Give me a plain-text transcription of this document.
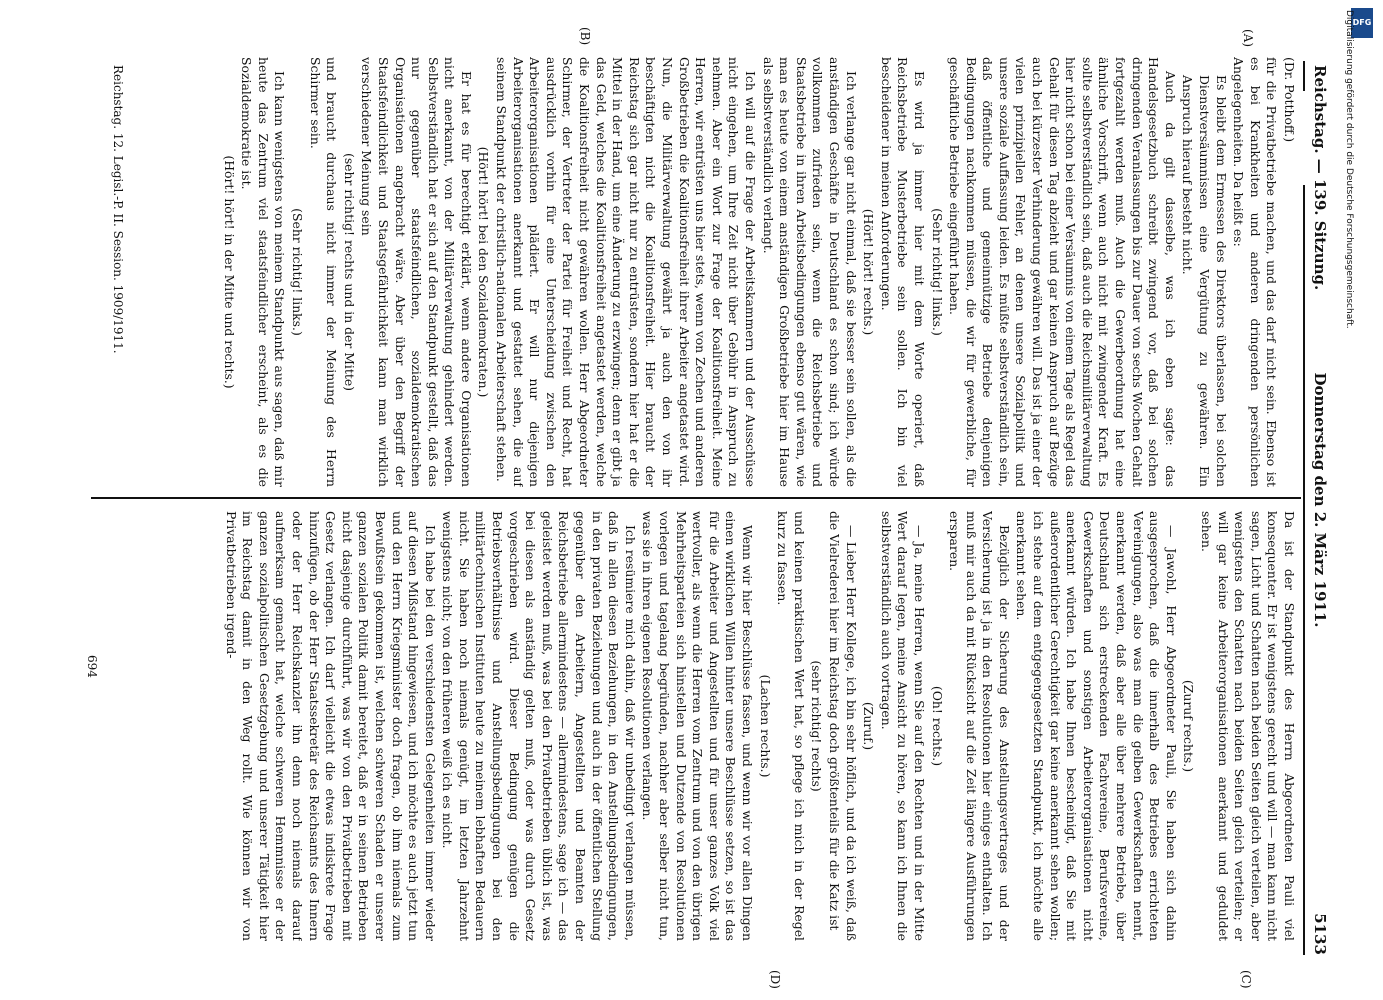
Reichstag. — 139. Sitzung.
Donnerstag den 2. März 1911.
5133
(A)
(B)
(C)
(D)

(Dr. Potthoff.)

für die Privatbetriebe machen, und das darf nicht sein. Ebenso ist es bei Krankheiten und anderen dringenden persönlichen Angelegenheiten. Da heißt es:

Es bleibt dem Ermessen des Direktors überlassen, bei solchen Dienstversäumnissen eine Vergütung zu gewähren. Ein Anspruch hierauf besteht nicht.

Auch da gilt dasselbe, was ich eben sagte: das Handelsgesetzbuch schreibt zwingend vor, daß bei solchen dringenden Veranlassungen bis zur Dauer von sechs Wochen Gehalt fortgezahlt werden muß. Auch die Gewerbeordnung hat eine ähnliche Vorschrift, wenn auch nicht mit zwingender Kraft. Es sollte selbstverständlich sein, daß auch die Reichsmilitärverwaltung hier nicht schon bei einer Versäumnis von einem Tage als Regel das Gehalt für diesen Tag abzieht und gar keinen Anspruch auf Bezüge auch bei kürzester Verhinderung gewähren will. Das ist ja einer der vielen prinzipiellen Fehler, an denen unsere Sozialpolitik und unsere soziale Auffassung leiden. Es müßte selbstverständlich sein, daß öffentliche und gemeinnützige Betriebe denjenigen Bedingungen nachkommen müssen, die wir für gewerbliche, für geschäftliche Betriebe eingeführt haben.

(Sehr richtig! links.)

Es wird ja immer hier mit dem Worte operiert, daß Reichsbetriebe Musterbetriebe sein sollen. Ich bin viel bescheidener in meinen Anforderungen.

(Hört! hört! rechts.)

Ich verlange gar nicht einmal, daß sie besser sein sollen, als die anständigen Geschäfte in Deutschland es schon sind; ich würde vollkommen zufrieden sein, wenn die Reichsbetriebe und Staatsbetriebe in ihren Arbeitsbedingungen ebenso gut wären, wie man es heute von einem anständigen Großbetriebe hier im Hause als selbstverständlich verlangt.

Ich will auf die Frage der Arbeitskammern und der Ausschüsse nicht eingehen, um Ihre Zeit nicht über Gebühr in Anspruch zu nehmen. Aber ein Wort zur Frage der Koalitionsfreiheit. Meine Herren, wir entrüsten uns hier stets, wenn von Zechen und anderen Großbetrieben die Koalitionsfreiheit ihrer Arbeiter angetastet wird. Nun, die Militärverwaltung gewährt ja auch den von ihr beschäftigten nicht die Koalitionsfreiheit. Hier braucht der Reichstag sich gar nicht nur zu entrüsten, sondern hier hat er die Mittel in der Hand, um eine Änderung zu erzwingen; denn er gibt ja das Geld, welches die Koalitionsfreiheit angetastet werden, welche die Koalitionsfreiheit nicht gewähren wollen. Herr Abgeordneter Schirmer, der Vertreter der Partei für Freiheit und Recht, hat ausdrücklich vorhin für eine Unterscheidung zwischen den Arbeiterorganisationen plädiert. Er will nur diejenigen Arbeiterorganisationen anerkannt und gestattet sehen, die auf seinem Standpunkt der christlich-nationalen Arbeiterschaft stehen.

(Hört! hört! bei den Sozialdemokraten.)

Er hat es für berechtigt erklärt, wenn andere Organisationen nicht anerkannt, von der Militärverwaltung gehindert werden. Selbstverständlich hat er sich auf den Standpunkt gestellt, daß das nur gegenüber staatsfeindlichen, sozialdemokratischen Organisationen angebracht wäre. Aber über den Begriff der Staatsfeindlichkeit und Staatsgefährlichkeit kann man wirklich verschiedener Meinung sein

(sehr richtig! rechts und in der Mitte)

und braucht durchaus nicht immer der Meinung des Herrn Schirmer sein.

(Sehr richtig! links.)

Ich kann wenigstens von meinem Standpunkt aus sagen, daß mir heute das Zentrum viel staatsfeindlicher erscheint, als es die Sozialdemokratie ist.

(Hört! hört! in der Mitte und rechts.)

Da ist der Standpunkt des Herrn Abgeordneten Pauli viel konsequenter. Er ist wenigstens gerecht und will — man kann nicht sagen, Licht und Schatten nach beiden Seiten gleich verteilen, aber wenigstens den Schatten nach beiden Seiten gleich verteilen; er will gar keine Arbeiterorganisationen anerkannt und geduldet sehen.

(Zuruf rechts.)

— Jawohl, Herr Abgeordneter Pauli, Sie haben sich dahin ausgesprochen, daß die innerhalb des Betriebes errichteten Vereinigungen, also was man die gelben Gewerkschaften nennt, anerkannt werden, daß aber alle über mehrere Betriebe, über Deutschland sich erstreckenden Fachvereine, Berufsvereine, Gewerkschaften und sonstigen Arbeiterorganisationen nicht anerkannt würden. Ich habe Ihnen bescheinigt, daß Sie mit außerordentlicher Gerechtigkeit gar keine anerkannt sehen wollen; ich stehe auf dem entgegengesetzten Standpunkt, ich möchte alle anerkannt sehen.

Bezüglich der Sicherung des Anstellungsvertrages und der Versicherung ist ja in den Resolutionen hier einiges enthalten. Ich muß mir auch da mit Rücksicht auf die Zeit längere Ausführungen ersparen.

(Oh! rechts.)

— Ja, meine Herren, wenn Sie auf den Rechten und in der Mitte Wert darauf legen, meine Ansicht zu hören, so kann ich Ihnen die selbstverständlich auch vortragen.

(Zuruf.)

— Lieber Herr Kollege, ich bin sehr höflich, und da ich weiß, daß die Vielrederei hier im Reichstag doch größtenteils für die Katz ist

(sehr richtig! rechts)

und keinen praktischen Wert hat, so pflege ich mich in der Regel kurz zu fassen.

(Lachen rechts.)

Wenn wir hier Beschlüsse fassen, und wenn wir vor allen Dingen einen wirklichen Willen hinter unsere Beschlüsse setzen, so ist das für die Arbeiter und Angestellten und für unser ganzes Volk viel wertvoller, als wenn die Herren vom Zentrum und von den übrigen Mehrheitsparteien sich hinstellen und Dutzende von Resolutionen vorlegen und tagelang begründen, nachher aber selber nicht tun, was sie in ihren eigenen Resolutionen verlangen.

Ich resümiere mich dahin, daß wir unbedingt verlangen müssen, daß in allen diesen Beziehungen, in den Anstellungsbedingungen, in den privaten Beziehungen und auch in der öffentlichen Stellung gegenüber den Arbeitern, Angestellten und Beamten der Reichsbetriebe allermindestens — allermindestens, sage ich — das geleistet werden muß, was bei den Privatbetrieben üblich ist, was bei diesen als anständig gelten muß, oder was durch Gesetz vorgeschrieben wird. Dieser Bedingung genügen die Betriebsverhältnisse und Anstellungsbedingungen bei den militärtechnischen Instituten heute zu meinem lebhaften Bedauern nicht. Sie haben noch niemals genügt, im letzten Jahrzehnt wenigstens nicht; von den früheren weiß ich es nicht.

Ich habe bei den verschiedensten Gelegenheiten immer wieder auf diesen Mißstand hingewiesen, und ich möchte es auch jetzt tun und den Herrn Kriegsminister doch fragen, ob ihm niemals zum Bewußtsein gekommen ist, welchen schweren Schaden er unserer ganzen sozialen Politik damit bereitet, daß er in seinen Betrieben nicht dasjenige durchführt, was wir von den Privatbetrieben mit Gesetz verlangen. Ich darf vielleicht die etwas indiskrete Frage hinzufügen, ob der Herr Staatssekretär des Reichsamts des Innern oder der Herr Reichskanzler ihn denn noch niemals darauf aufmerksam gemacht hat, welche schweren Hemmnisse er der ganzen sozialpolitischen Gesetzgebung und unserer Tätigkeit hier im Reichstag damit in den Weg rollt. Wie können wir von Privatbetrieben irgend-

Reichstag. 12. Legisl.-P. II. Session. 1909/1911.
694
DFG
Digitalisierung gefördert durch die Deutsche Forschungsgemeinschaft.
